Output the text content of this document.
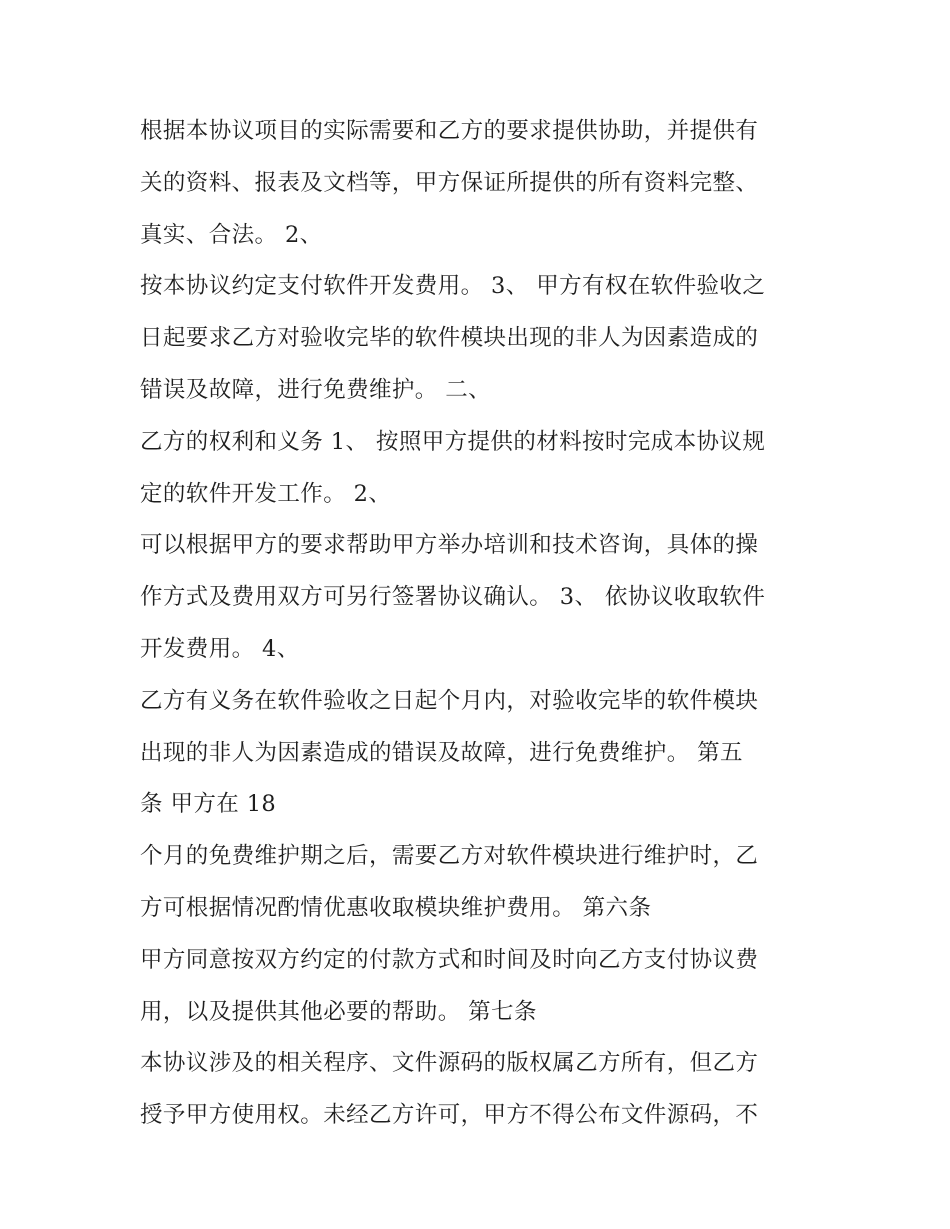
根据本协议项目的实际需要和乙方的要求提供协助，并提供有
关的资料、报表及文档等，甲方保证所提供的所有资料完整、
真实、合法。 2、
按本协议约定支付软件开发费用。 3、 甲方有权在软件验收之
日起要求乙方对验收完毕的软件模块出现的非人为因素造成的
错误及故障，进行免费维护。 二、
乙方的权利和义务 1、 按照甲方提供的材料按时完成本协议规
定的软件开发工作。 2、
可以根据甲方的要求帮助甲方举办培训和技术咨询，具体的操
作方式及费用双方可另行签署协议确认。 3、 依协议收取软件
开发费用。 4、
乙方有义务在软件验收之日起个月内，对验收完毕的软件模块
出现的非人为因素造成的错误及故障，进行免费维护。 第五
条 甲方在 18
个月的免费维护期之后，需要乙方对软件模块进行维护时，乙
方可根据情况酌情优惠收取模块维护费用。 第六条
甲方同意按双方约定的付款方式和时间及时向乙方支付协议费
用，以及提供其他必要的帮助。 第七条
本协议涉及的相关程序、文件源码的版权属乙方所有，但乙方
授予甲方使用权。未经乙方许可，甲方不得公布文件源码，不
